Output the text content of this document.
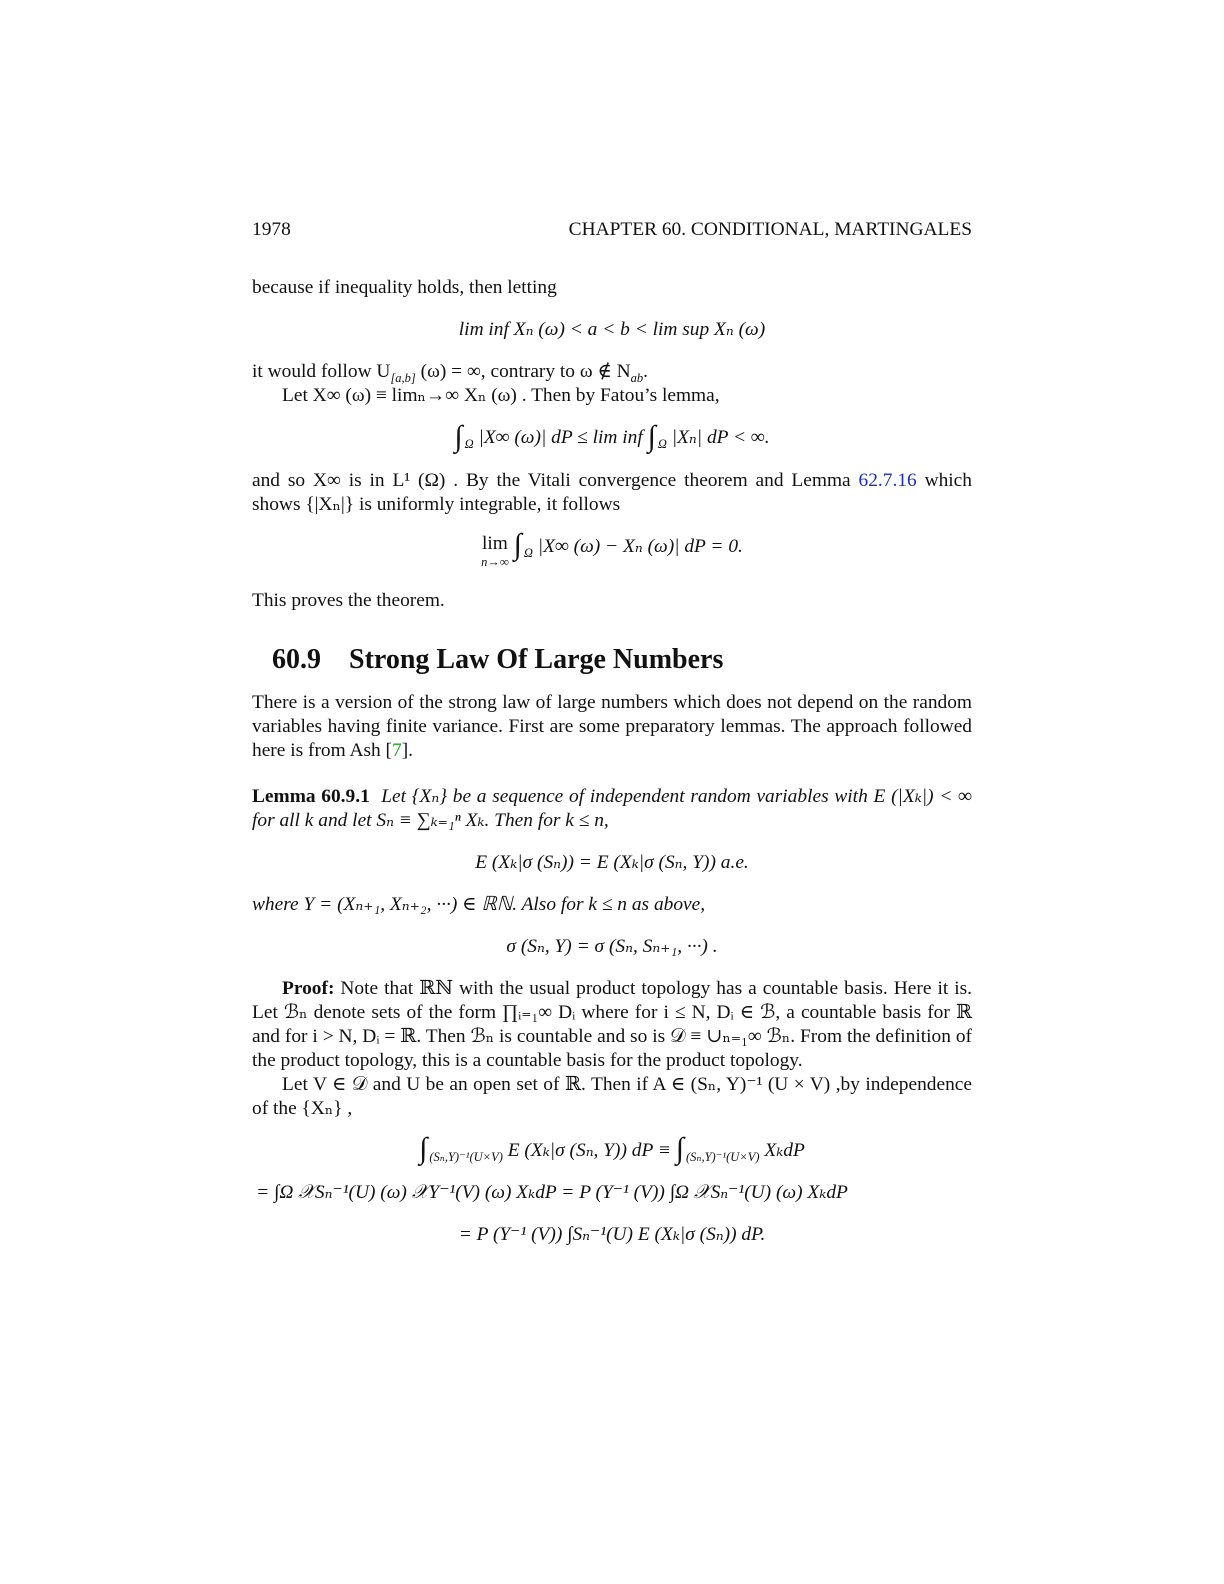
1978	CHAPTER 60. CONDITIONAL, MARTINGALES

because if inequality holds, then letting

lim inf Xₙ (ω) < a < b < lim sup Xₙ (ω)

it would follow $U_{[a,b]}$ (ω) = ∞, contrary to ω ∉ $N_{ab}$.

Let X∞ (ω) ≡ limₙ→∞ Xₙ (ω) . Then by Fatou’s lemma,

∫ $_\Omega$ |X∞ (ω)| dP ≤ lim inf ∫ $_\Omega$ |Xₙ| dP < ∞.

and so X∞ is in L¹ (Ω) . By the Vitali convergence theorem and Lemma 62.7.16 which shows {|Xₙ|} is uniformly integrable, it follows

lim
n→∞
∫ $_\Omega$ |X∞ (ω) − Xₙ (ω)| dP = 0.

This proves the theorem.

60.9 Strong Law Of Large Numbers

There is a version of the strong law of large numbers which does not depend on the random variables having finite variance. First are some preparatory lemmas. The approach followed here is from Ash [7].

Lemma 60.9.1 Let {Xₙ} be a sequence of independent random variables with E (|Xₖ|) < ∞ for all k and let Sₙ ≡ ∑ₖ₌₁ⁿ Xₖ. Then for k ≤ n,

E (Xₖ|σ (Sₙ)) = E (Xₖ|σ (Sₙ, Y)) a.e.

where Y = (Xₙ₊₁, Xₙ₊₂, ···) ∈ ℝℕ. Also for k ≤ n as above,

σ (Sₙ, Y) = σ (Sₙ, Sₙ₊₁, ···) .

Proof: Note that ℝℕ with the usual product topology has a countable basis. Here it is. Let ℬₙ denote sets of the form ∏ᵢ₌₁∞ Dᵢ where for i ≤ N, Dᵢ ∈ ℬ, a countable basis for ℝ and for i > N, Dᵢ = ℝ. Then ℬₙ is countable and so is 𝒟 ≡ ∪ₙ₌₁∞ ℬₙ. From the definition of the product topology, this is a countable basis for the product topology.

Let V ∈ 𝒟 and U be an open set of ℝ. Then if A ∈ (Sₙ, Y)⁻¹ (U × V) ,by independence of the {Xₙ} ,

∫ $_{(S_n,Y)^{-1}(U\times V)}$ E (Xₖ|σ (Sₙ, Y)) dP ≡ ∫ $_{(S_n,Y)^{-1}(U\times V)}$ XₖdP
= ∫Ω 𝒳Sₙ⁻¹(U) (ω) 𝒳Y⁻¹(V) (ω) XₖdP = P (Y⁻¹ (V)) ∫Ω 𝒳Sₙ⁻¹(U) (ω) XₖdP
= P (Y⁻¹ (V)) ∫Sₙ⁻¹(U) E (Xₖ|σ (Sₙ)) dP.
